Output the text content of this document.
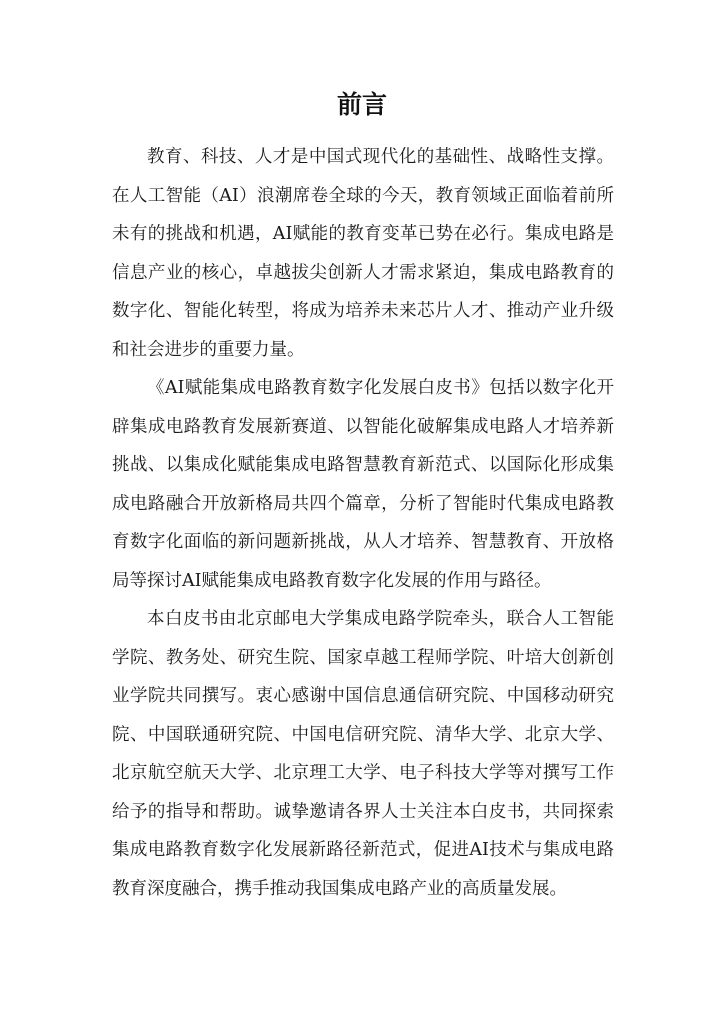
前言

教育、科技、人才是中国式现代化的基础性、战略性支撑。在人工智能（AI）浪潮席卷全球的今天，教育领域正面临着前所未有的挑战和机遇，AI赋能的教育变革已势在必行。集成电路是信息产业的核心，卓越拔尖创新人才需求紧迫，集成电路教育的数字化、智能化转型，将成为培养未来芯片人才、推动产业升级和社会进步的重要力量。

《AI赋能集成电路教育数字化发展白皮书》包括以数字化开辟集成电路教育发展新赛道、以智能化破解集成电路人才培养新挑战、以集成化赋能集成电路智慧教育新范式、以国际化形成集成电路融合开放新格局共四个篇章，分析了智能时代集成电路教育数字化面临的新问题新挑战，从人才培养、智慧教育、开放格局等探讨AI赋能集成电路教育数字化发展的作用与路径。

本白皮书由北京邮电大学集成电路学院牵头，联合人工智能学院、教务处、研究生院、国家卓越工程师学院、叶培大创新创业学院共同撰写。衷心感谢中国信息通信研究院、中国移动研究院、中国联通研究院、中国电信研究院、清华大学、北京大学、北京航空航天大学、北京理工大学、电子科技大学等对撰写工作给予的指导和帮助。诚挚邀请各界人士关注本白皮书，共同探索集成电路教育数字化发展新路径新范式，促进AI技术与集成电路教育深度融合，携手推动我国集成电路产业的高质量发展。
